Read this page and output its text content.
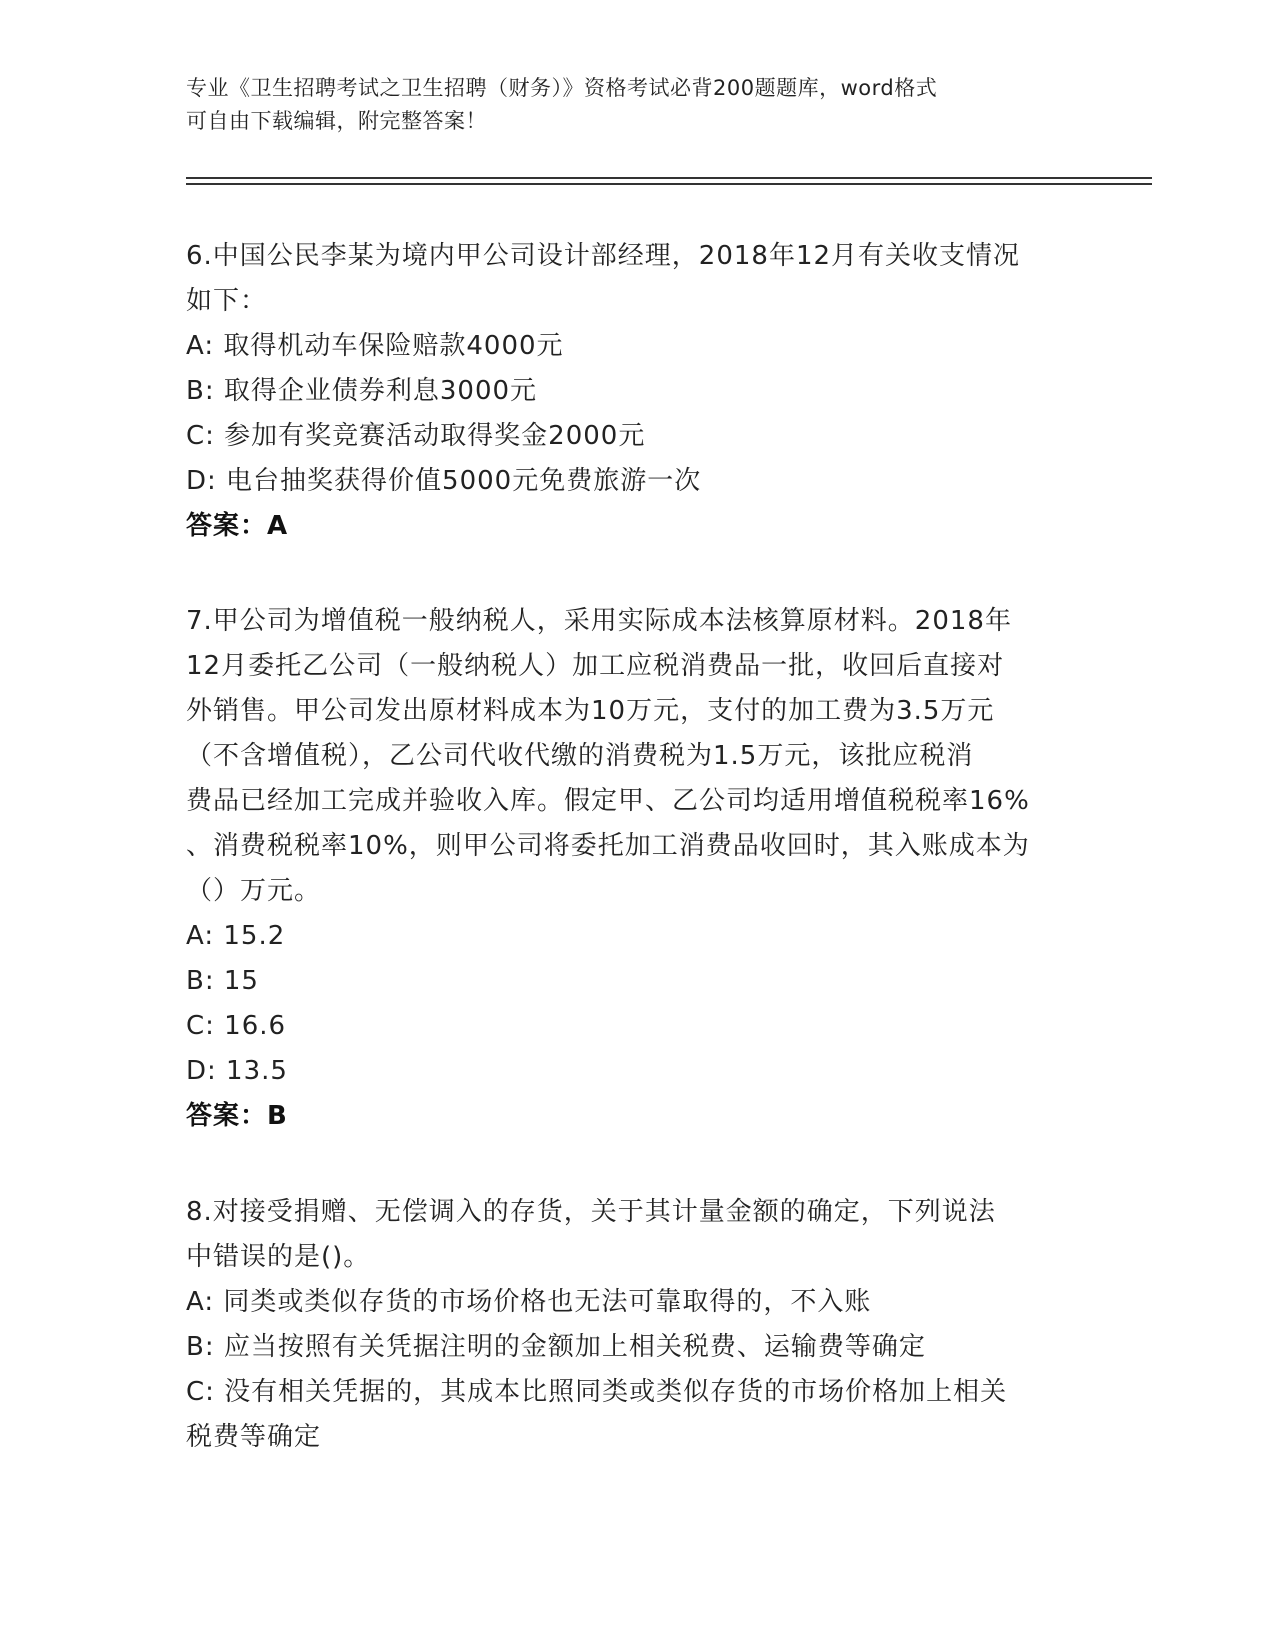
专业《卫生招聘考试之卫生招聘（财务）》资格考试必背200题题库，word格式
可自由下载编辑，附完整答案！
6.中国公民李某为境内甲公司设计部经理，2018年12月有关收支情况
如下：
A: 取得机动车保险赔款4000元
B: 取得企业债券利息3000元
C: 参加有奖竞赛活动取得奖金2000元
D: 电台抽奖获得价值5000元免费旅游一次
答案：A
7.甲公司为增值税一般纳税人，采用实际成本法核算原材料。2018年
12月委托乙公司（一般纳税人）加工应税消费品一批，收回后直接对
外销售。甲公司发出原材料成本为10万元，支付的加工费为3.5万元
（不含增值税），乙公司代收代缴的消费税为1.5万元，该批应税消
费品已经加工完成并验收入库。假定甲、乙公司均适用增值税税率16%
、消费税税率10%，则甲公司将委托加工消费品收回时，其入账成本为
（）万元。
A: 15.2
B: 15
C: 16.6
D: 13.5
答案：B
8.对接受捐赠、无偿调入的存货，关于其计量金额的确定，下列说法
中错误的是()。
A: 同类或类似存货的市场价格也无法可靠取得的，不入账
B: 应当按照有关凭据注明的金额加上相关税费、运输费等确定
C: 没有相关凭据的，其成本比照同类或类似存货的市场价格加上相关
税费等确定
